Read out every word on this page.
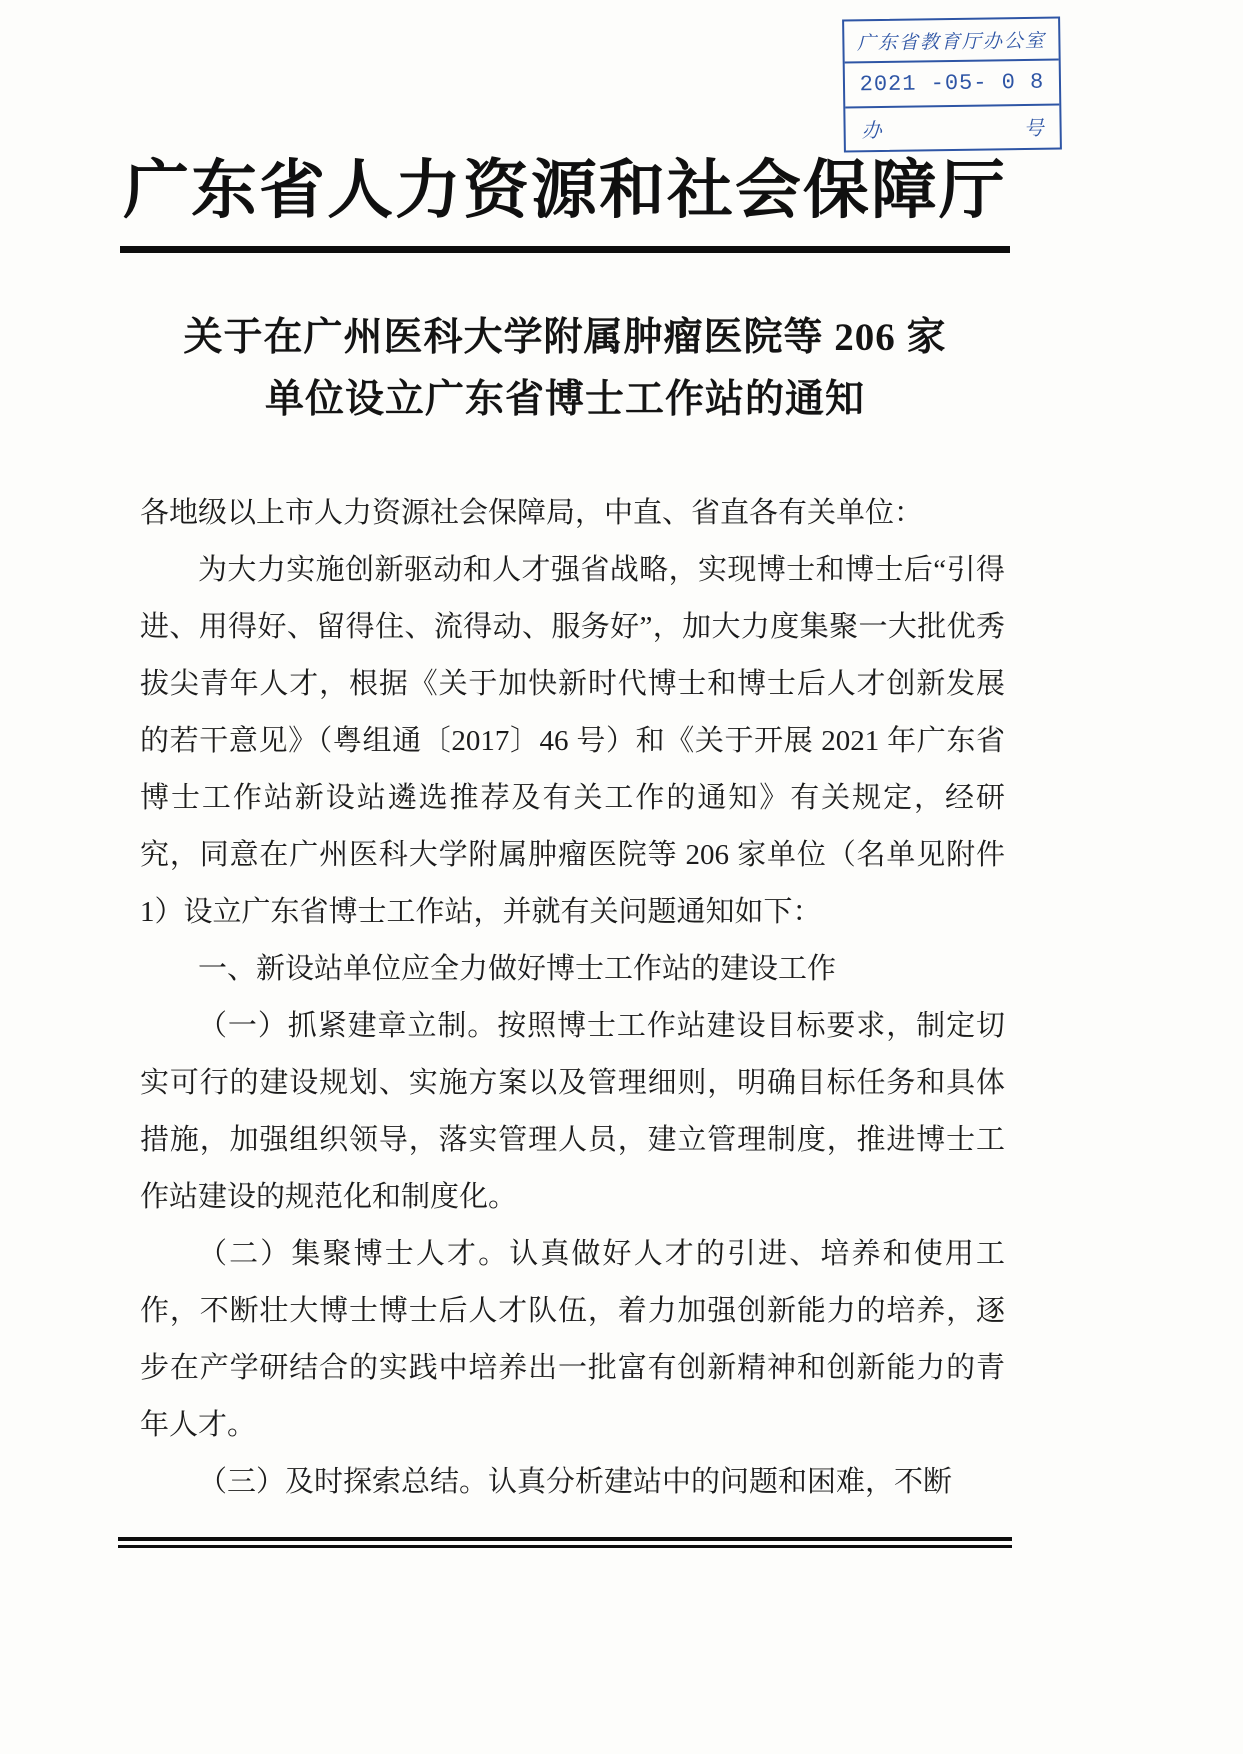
广东省教育厅办公室
2021 -05- 0 8
办	号
广东省人力资源和社会保障厅
关于在广州医科大学附属肿瘤医院等 206 家
单位设立广东省博士工作站的通知

各地级以上市人力资源社会保障局，中直、省直各有关单位：

为大力实施创新驱动和人才强省战略，实现博士和博士后“引得进、用得好、留得住、流得动、服务好”，加大力度集聚一大批优秀拔尖青年人才，根据《关于加快新时代博士和博士后人才创新发展的若干意见》（粤组通〔2017〕46 号）和《关于开展 2021 年广东省博士工作站新设站遴选推荐及有关工作的通知》有关规定，经研究，同意在广州医科大学附属肿瘤医院等 206 家单位（名单见附件 1）设立广东省博士工作站，并就有关问题通知如下：

一、新设站单位应全力做好博士工作站的建设工作

（一）抓紧建章立制。按照博士工作站建设目标要求，制定切实可行的建设规划、实施方案以及管理细则，明确目标任务和具体措施，加强组织领导，落实管理人员，建立管理制度，推进博士工作站建设的规范化和制度化。

（二）集聚博士人才。认真做好人才的引进、培养和使用工作，不断壮大博士博士后人才队伍，着力加强创新能力的培养，逐步在产学研结合的实践中培养出一批富有创新精神和创新能力的青年人才。

（三）及时探索总结。认真分析建站中的问题和困难，不断
